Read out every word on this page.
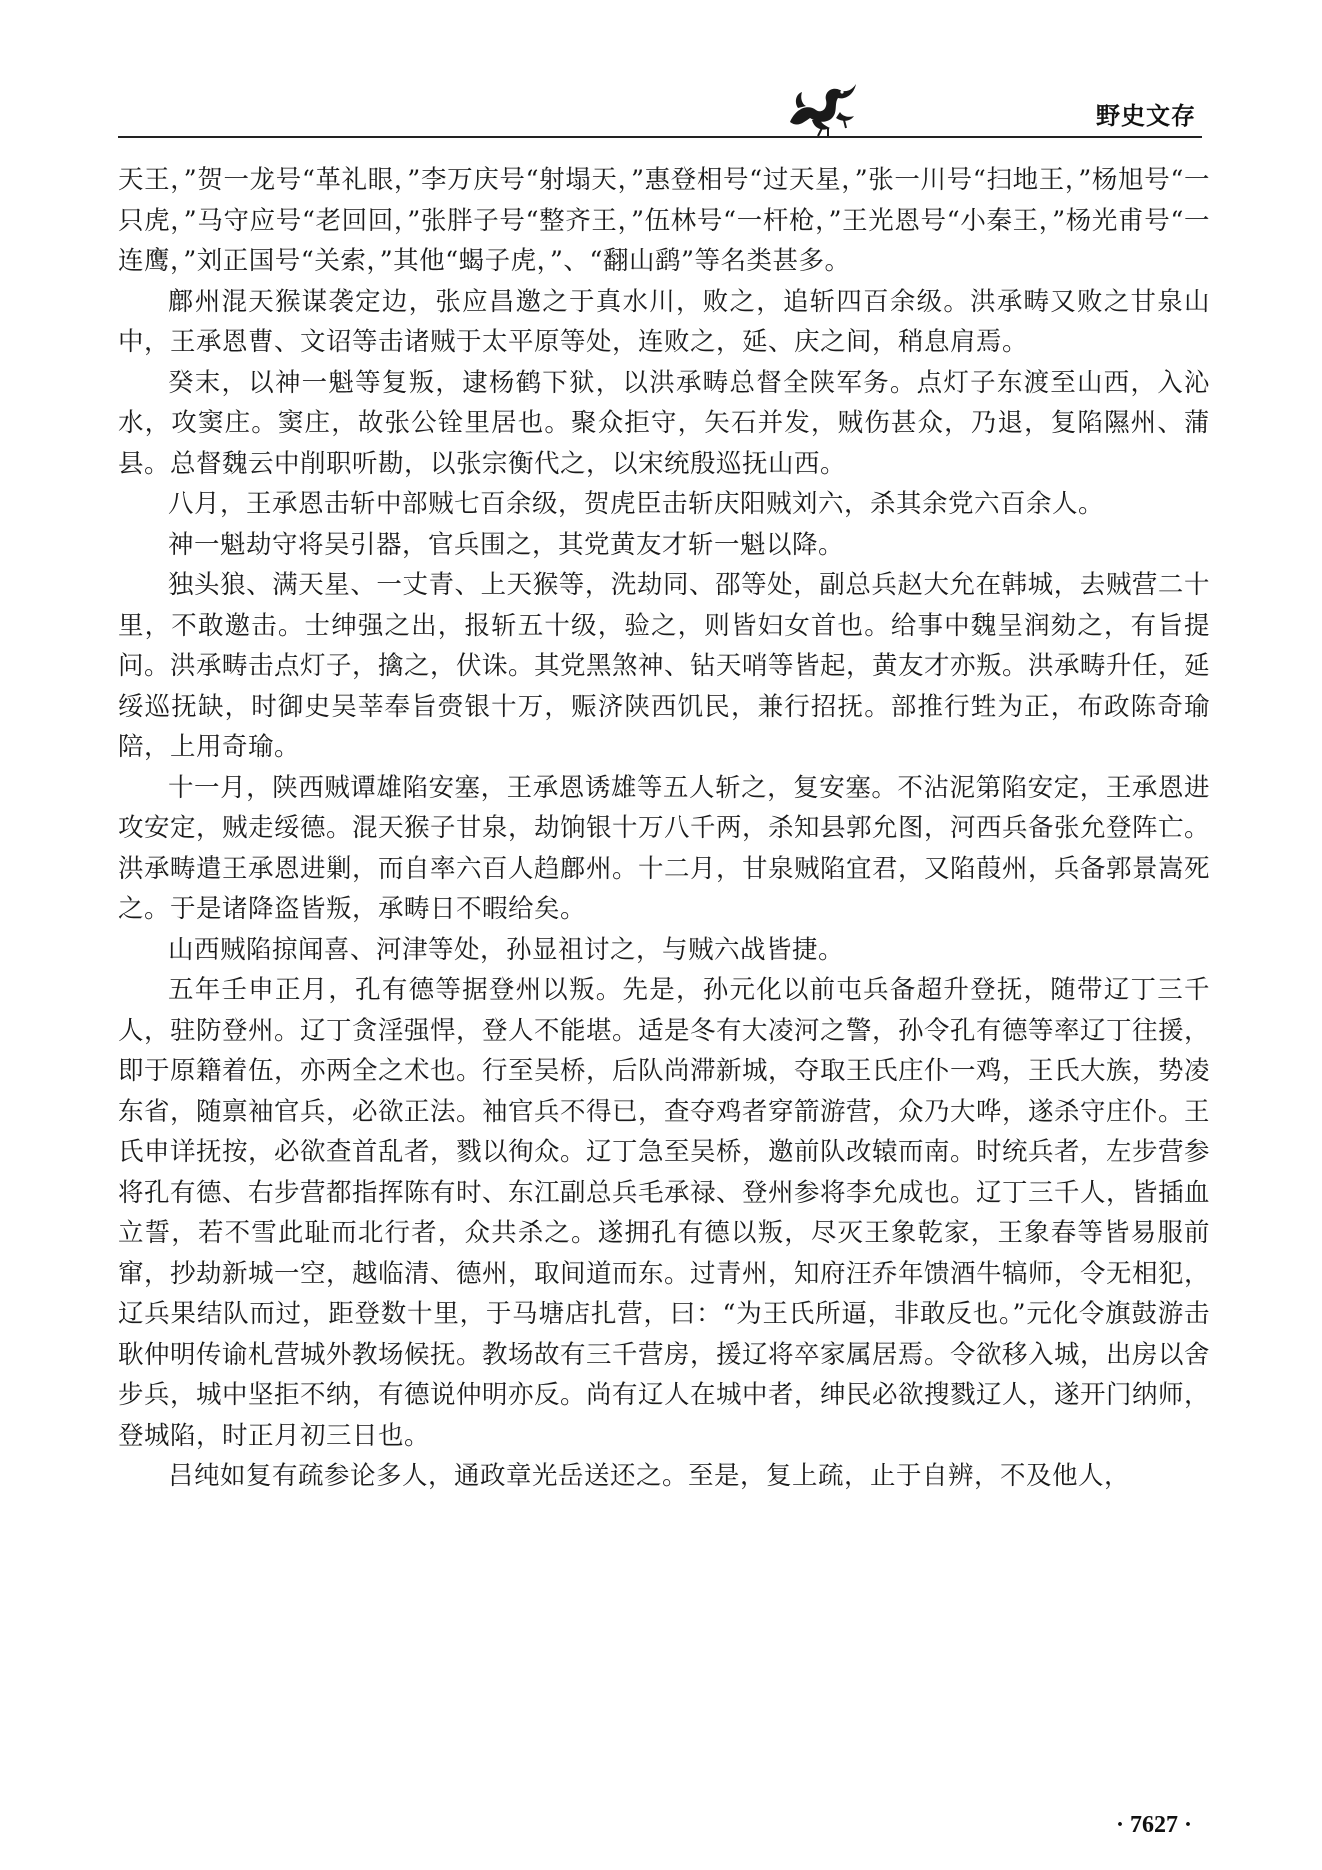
野史文存

天王，”贺一龙号“革礼眼，”李万庆号“射塌天，”惠登相号“过天星，”张一川号“扫地王，”杨旭号“一只虎，”马守应号“老回回，”张胖子号“整齐王，”伍林号“一杆枪，”王光恩号“小秦王，”杨光甫号“一连鹰，”刘正国号“关索，”其他“蝎子虎，”、“翻山鹞”等名类甚多。

鄜州混天猴谋袭定边，张应昌邀之于真水川，败之，追斩四百余级。洪承畴又败之甘泉山中，王承恩曹、文诏等击诸贼于太平原等处，连败之，延、庆之间，稍息肩焉。

癸末，以神一魁等复叛，逮杨鹤下狱，以洪承畴总督全陕军务。点灯子东渡至山西，入沁水，攻窦庄。窦庄，故张公铨里居也。聚众拒守，矢石并发，贼伤甚众，乃退，复陷隰州、蒲县。总督魏云中削职听勘，以张宗衡代之，以宋统殷巡抚山西。

八月，王承恩击斩中部贼七百余级，贺虎臣击斩庆阳贼刘六，杀其余党六百余人。

神一魁劫守将吴引器，官兵围之，其党黄友才斩一魁以降。

独头狼、满天星、一丈青、上天猴等，洗劫同、邵等处，副总兵赵大允在韩城，去贼营二十里，不敢邀击。士绅强之出，报斩五十级，验之，则皆妇女首也。给事中魏呈润劾之，有旨提问。洪承畴击点灯子，擒之，伏诛。其党黑煞神、钻天哨等皆起，黄友才亦叛。洪承畴升任，延绥巡抚缺，时御史吴莘奉旨赍银十万，赈济陕西饥民，兼行招抚。部推行甡为正，布政陈奇瑜陪，上用奇瑜。

十一月，陕西贼谭雄陷安塞，王承恩诱雄等五人斩之，复安塞。不沾泥第陷安定，王承恩进攻安定，贼走绥德。混天猴子甘泉，劫饷银十万八千两，杀知县郭允图，河西兵备张允登阵亡。洪承畴遣王承恩进剿，而自率六百人趋鄜州。十二月，甘泉贼陷宜君，又陷葭州，兵备郭景嵩死之。于是诸降盗皆叛，承畴日不暇给矣。

山西贼陷掠闻喜、河津等处，孙显祖讨之，与贼六战皆捷。

五年壬申正月，孔有德等据登州以叛。先是，孙元化以前屯兵备超升登抚，随带辽丁三千人，驻防登州。辽丁贪淫强悍，登人不能堪。适是冬有大凌河之警，孙令孔有德等率辽丁往援，即于原籍着伍，亦两全之术也。行至吴桥，后队尚滞新城，夺取王氏庄仆一鸡，王氏大族，势凌东省，随禀袖官兵，必欲正法。袖官兵不得已，查夺鸡者穿箭游营，众乃大哗，遂杀守庄仆。王氏申详抚按，必欲查首乱者，戮以徇众。辽丁急至吴桥，邀前队改辕而南。时统兵者，左步营参将孔有德、右步营都指挥陈有时、东江副总兵毛承禄、登州参将李允成也。辽丁三千人，皆插血立誓，若不雪此耻而北行者，众共杀之。遂拥孔有德以叛，尽灭王象乾家，王象春等皆易服前窜，抄劫新城一空，越临清、德州，取间道而东。过青州，知府汪乔年馈酒牛犒师，令无相犯，辽兵果结队而过，距登数十里，于马塘店扎营，曰：“为王氏所逼，非敢反也。”元化令旗鼓游击耿仲明传谕札营城外教场候抚。教场故有三千营房，援辽将卒家属居焉。令欲移入城，出房以舍步兵，城中坚拒不纳，有德说仲明亦反。尚有辽人在城中者，绅民必欲搜戮辽人，遂开门纳师，登城陷，时正月初三日也。

吕纯如复有疏参论多人，通政章光岳送还之。至是，复上疏，止于自辨，不及他人，

· 7627 ·
